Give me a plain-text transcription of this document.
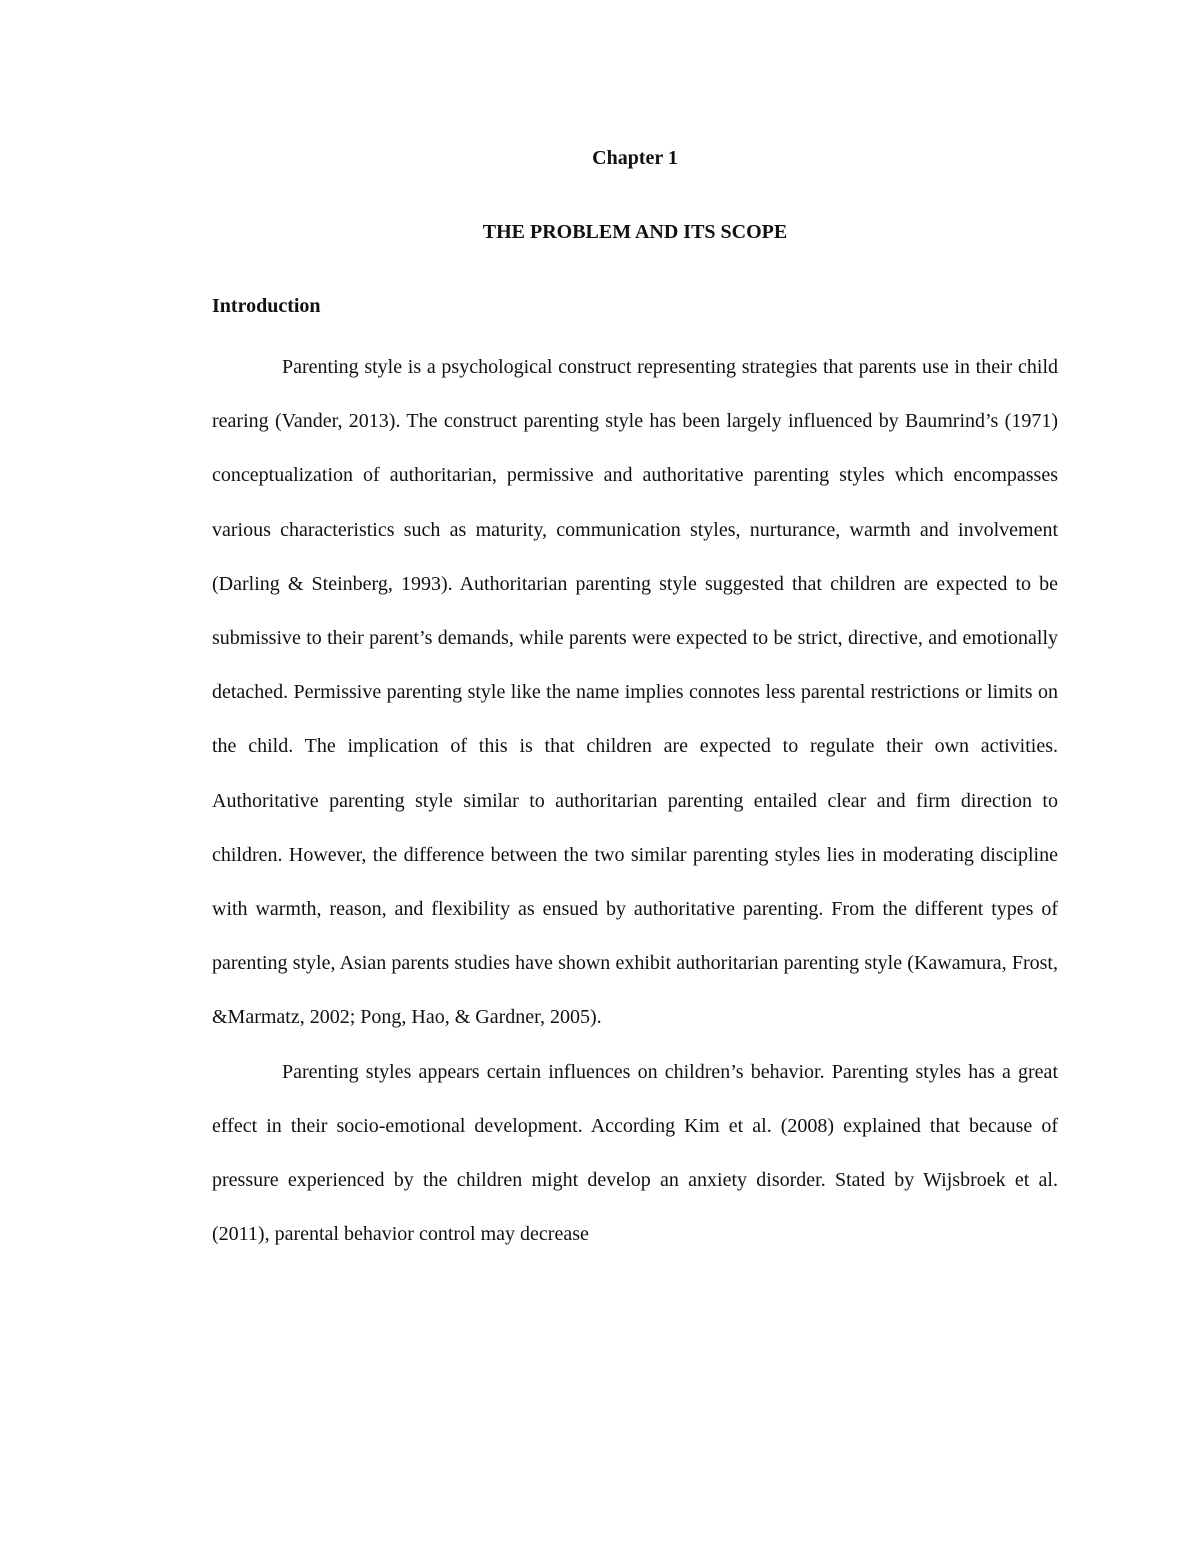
Chapter 1
THE PROBLEM AND ITS SCOPE
Introduction

Parenting style is a psychological construct representing strategies that parents use in their child rearing (Vander, 2013). The construct parenting style has been largely influenced by Baumrind’s (1971) conceptualization of authoritarian, permissive and authoritative parenting styles which encompasses various characteristics such as maturity, communication styles, nurturance, warmth and involvement (Darling & Steinberg, 1993). Authoritarian parenting style suggested that children are expected to be submissive to their parent’s demands, while parents were expected to be strict, directive, and emotionally detached. Permissive parenting style like the name implies connotes less parental restrictions or limits on the child. The implication of this is that children are expected to regulate their own activities. Authoritative parenting style similar to authoritarian parenting entailed clear and firm direction to children. However, the difference between the two similar parenting styles lies in moderating discipline with warmth, reason, and flexibility as ensued by authoritative parenting. From the different types of parenting style, Asian parents studies have shown exhibit authoritarian parenting style (Kawamura, Frost, &Marmatz, 2002; Pong, Hao, & Gardner, 2005).

Parenting styles appears certain influences on children’s behavior. Parenting styles has a great effect in their socio-emotional development. According Kim et al. (2008) explained that because of pressure experienced by the children might develop an anxiety disorder. Stated by Wijsbroek et al. (2011), parental behavior control may decrease
